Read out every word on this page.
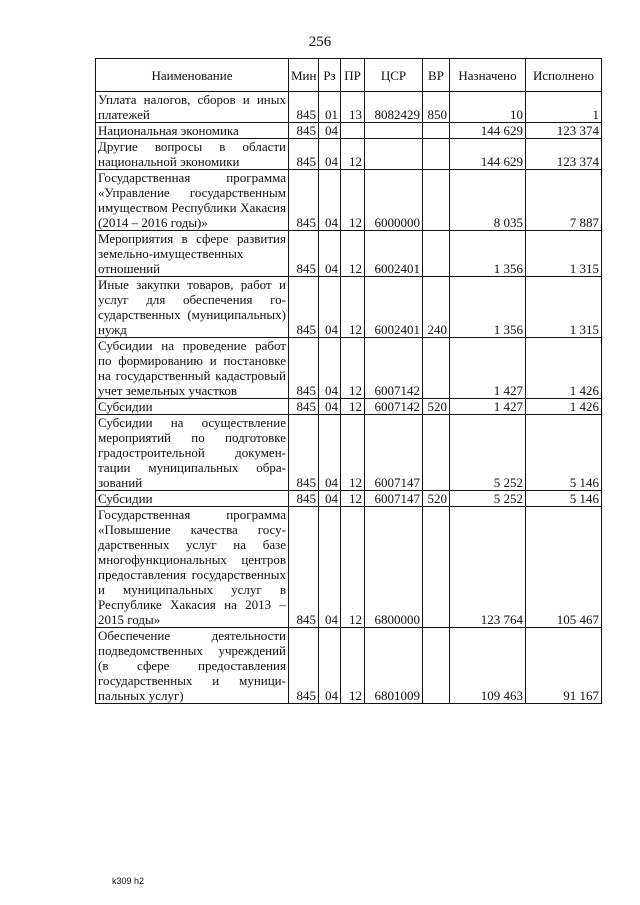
256
Наименование	Мин	Рз	ПР	ЦСР	ВР	Назначено	Исполнено
Уплата налогов, сборов и иных платежей	845	01	13	8082429	850	10	1
Национальная экономика	845	04				144 629	123 374
Другие вопросы в области национальной экономики	845	04	12			144 629	123 374
Государственная программа «Управление государственным имуществом Республики Хакасия (2014 – 2016 годы)»	845	04	12	6000000		8 035	7 887
Мероприятия в сфере развития земельно-имущественных отношений	845	04	12	6002401		1 356	1 315
Иные закупки товаров, работ и услуг для обеспечения государственных (муниципальных) нужд	845	04	12	6002401	240	1 356	1 315
Субсидии на проведение работ по формированию и постановке на государственный кадастровый учет земельных участков	845	04	12	6007142		1 427	1 426
Субсидии	845	04	12	6007142	520	1 427	1 426
Субсидии на осуществление мероприятий по подготовке градостроительной документации муниципальных образований	845	04	12	6007147		5 252	5 146
Субсидии	845	04	12	6007147	520	5 252	5 146
Государственная программа «Повышение качества государственных услуг на базе многофункциональных центров предоставления государственных и муниципальных услуг в Республике Хакасия на 2013 – 2015 годы»	845	04	12	6800000		123 764	105 467
Обеспечение деятельности подведомственных учреждений (в сфере предоставления государственных и муниципальных услуг)	845	04	12	6801009		109 463	91 167
k309 h2
